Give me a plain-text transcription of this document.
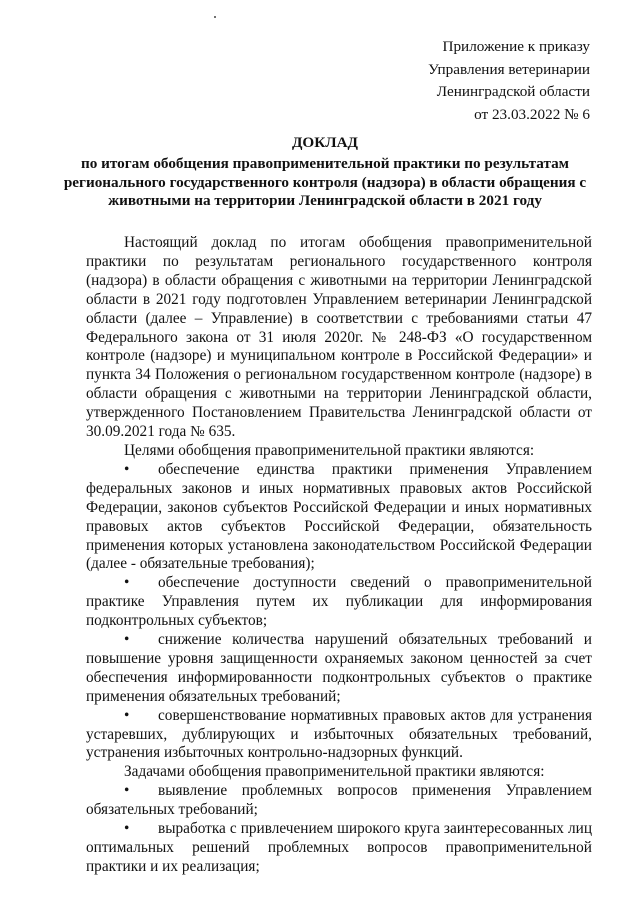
Приложение к приказу
Управления ветеринарии
Ленинградской области
от 23.03.2022 № 6
ДОКЛАД
по итогам обобщения правоприменительной практики по результатам регионального государственного контроля (надзора) в области обращения с животными на территории Ленинградской области в 2021 году

Настоящий доклад по итогам обобщения правоприменительной практики по результатам регионального государственного контроля (надзора) в области обращения с животными на территории Ленинградской области в 2021 году подготовлен Управлением ветеринарии Ленинградской области (далее – Управление) в соответствии с требованиями статьи 47 Федерального закона от 31 июля 2020г. № 248-ФЗ «О государственном контроле (надзоре) и муниципальном контроле в Российской Федерации» и пункта 34 Положения о региональном государственном контроле (надзоре) в области обращения с животными на территории Ленинградской области, утвержденного Постановлением Правительства Ленинградской области от 30.09.2021 года № 635.

Целями обобщения правоприменительной практики являются:

• обеспечение единства практики применения Управлением федеральных законов и иных нормативных правовых актов Российской Федерации, законов субъектов Российской Федерации и иных нормативных правовых актов субъектов Российской Федерации, обязательность применения которых установлена законодательством Российской Федерации (далее - обязательные требования);

• обеспечение доступности сведений о правоприменительной практике Управления путем их публикации для информирования подконтрольных субъектов;

• снижение количества нарушений обязательных требований и повышение уровня защищенности охраняемых законом ценностей за счет обеспечения информированности подконтрольных субъектов о практике применения обязательных требований;

• совершенствование нормативных правовых актов для устранения устаревших, дублирующих и избыточных обязательных требований, устранения избыточных контрольно-надзорных функций.

Задачами обобщения правоприменительной практики являются:

• выявление проблемных вопросов применения Управлением обязательных требований;

• выработка с привлечением широкого круга заинтересованных лиц оптимальных решений проблемных вопросов правоприменительной практики и их реализация;
